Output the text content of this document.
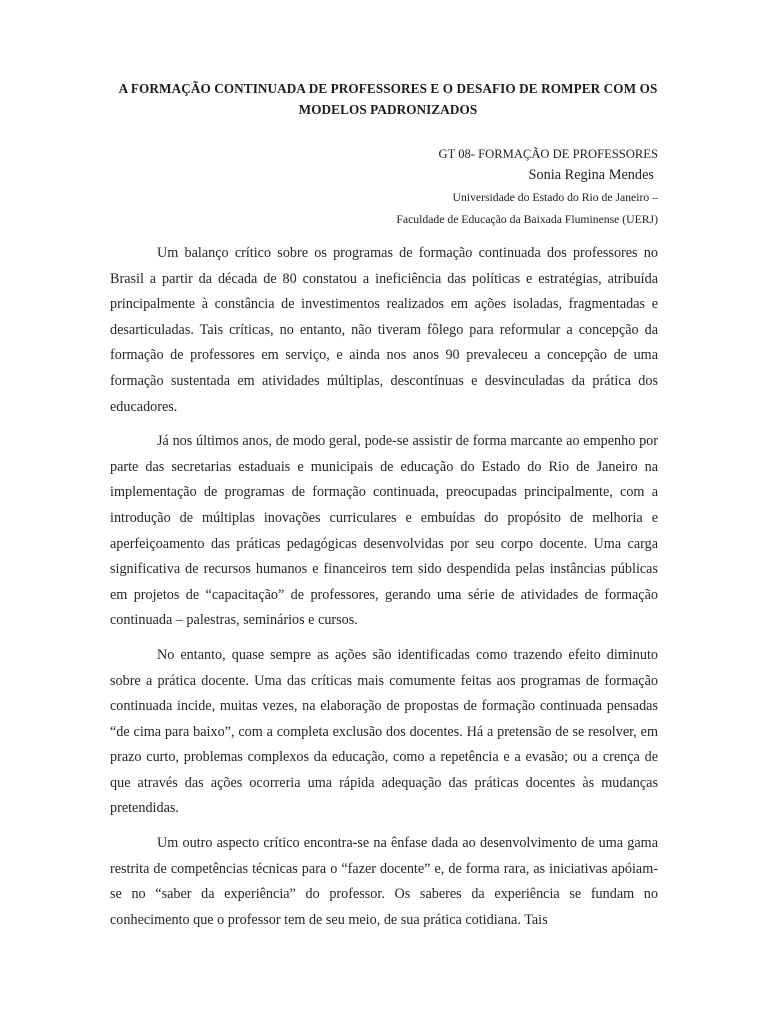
A FORMAÇÃO CONTINUADA DE PROFESSORES E O DESAFIO DE ROMPER COM OS
MODELOS PADRONIZADOS
GT 08- FORMAÇÃO DE PROFESSORES
Sonia Regina Mendes
Universidade do Estado do Rio de Janeiro –
Faculdade de Educação da Baixada Fluminense (UERJ)

Um balanço crítico sobre os programas de formação continuada dos professores no Brasil a partir da década de 80 constatou a ineficiência das políticas e estratégias, atribuída principalmente à constância de investimentos realizados em ações isoladas, fragmentadas e desarticuladas. Tais críticas, no entanto, não tiveram fôlego para reformular a concepção da formação de professores em serviço, e ainda nos anos 90 prevaleceu a concepção de uma formação sustentada em atividades múltiplas, descontínuas e desvinculadas da prática dos educadores.

Já nos últimos anos, de modo geral, pode-se assistir de forma marcante ao empenho por parte das secretarias estaduais e municipais de educação do Estado do Rio de Janeiro na implementação de programas de formação continuada, preocupadas principalmente, com a introdução de múltiplas inovações curriculares e embuídas do propósito de melhoria e aperfeiçoamento das práticas pedagógicas desenvolvidas por seu corpo docente. Uma carga significativa de recursos humanos e financeiros tem sido despendida pelas instâncias públicas em projetos de “capacitação” de professores, gerando uma série de atividades de formação continuada – palestras, seminários e cursos.

No entanto, quase sempre as ações são identificadas como trazendo efeito diminuto sobre a prática docente. Uma das críticas mais comumente feitas aos programas de formação continuada incide, muitas vezes, na elaboração de propostas de formação continuada pensadas “de cima para baixo”, com a completa exclusão dos docentes. Há a pretensão de se resolver, em prazo curto, problemas complexos da educação, como a repetência e a evasão; ou a crença de que através das ações ocorreria uma rápida adequação das práticas docentes às mudanças pretendidas.

Um outro aspecto crítico encontra-se na ênfase dada ao desenvolvimento de uma gama restrita de competências técnicas para o “fazer docente” e, de forma rara, as iniciativas apóiam-se no “saber da experiência” do professor. Os saberes da experiência se fundam no conhecimento que o professor tem de seu meio, de sua prática cotidiana. Tais
